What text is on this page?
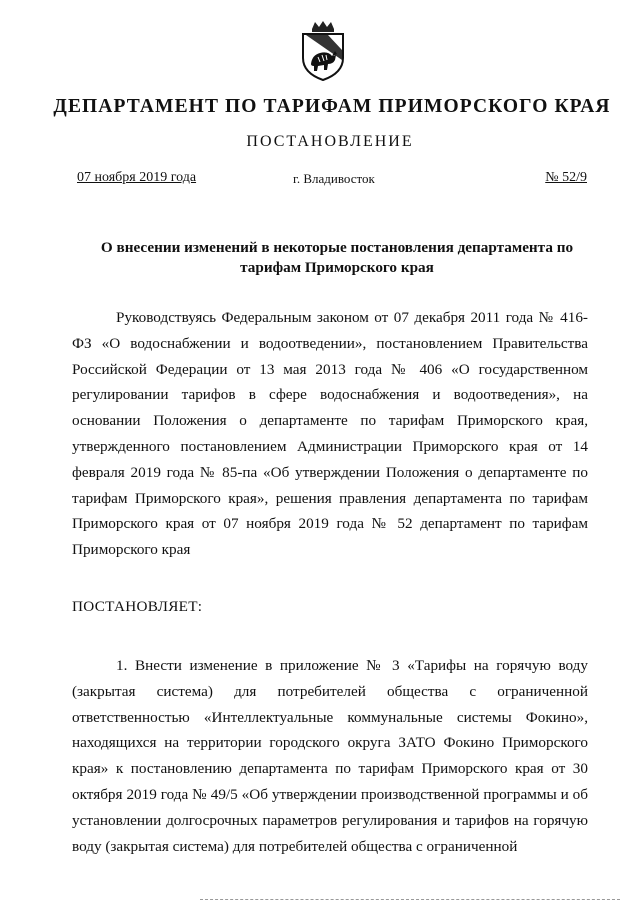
ДЕПАРТАМЕНТ ПО ТАРИФАМ ПРИМОРСКОГО КРАЯ
ПОСТАНОВЛЕНИЕ
07 ноября 2019 года	г. Владивосток	№ 52/9
О внесении изменений в некоторые постановления департамента по тарифам Приморского края
Руководствуясь Федеральным законом от 07 декабря 2011 года № 416-ФЗ «О водоснабжении и водоотведении», постановлением Правительства Российской Федерации от 13 мая 2013 года № 406 «О государственном регулировании тарифов в сфере водоснабжения и водоотведения», на основании Положения о департаменте по тарифам Приморского края, утвержденного постановлением Администрации Приморского края от 14 февраля 2019 года № 85-па «Об утверждении Положения о департаменте по тарифам Приморского края», решения правления департамента по тарифам Приморского края от 07 ноября 2019 года № 52 департамент по тарифам Приморского края
ПОСТАНОВЛЯЕТ:
1. Внести изменение в приложение № 3 «Тарифы на горячую воду (закрытая система) для потребителей общества с ограниченной ответственностью «Интеллектуальные коммунальные системы Фокино», находящихся на территории городского округа ЗАТО Фокино Приморского края» к постановлению департамента по тарифам Приморского края от 30 октября 2019 года № 49/5 «Об утверждении производственной программы и об установлении долгосрочных параметров регулирования и тарифов на горячую воду (закрытая система) для потребителей общества с ограниченной
